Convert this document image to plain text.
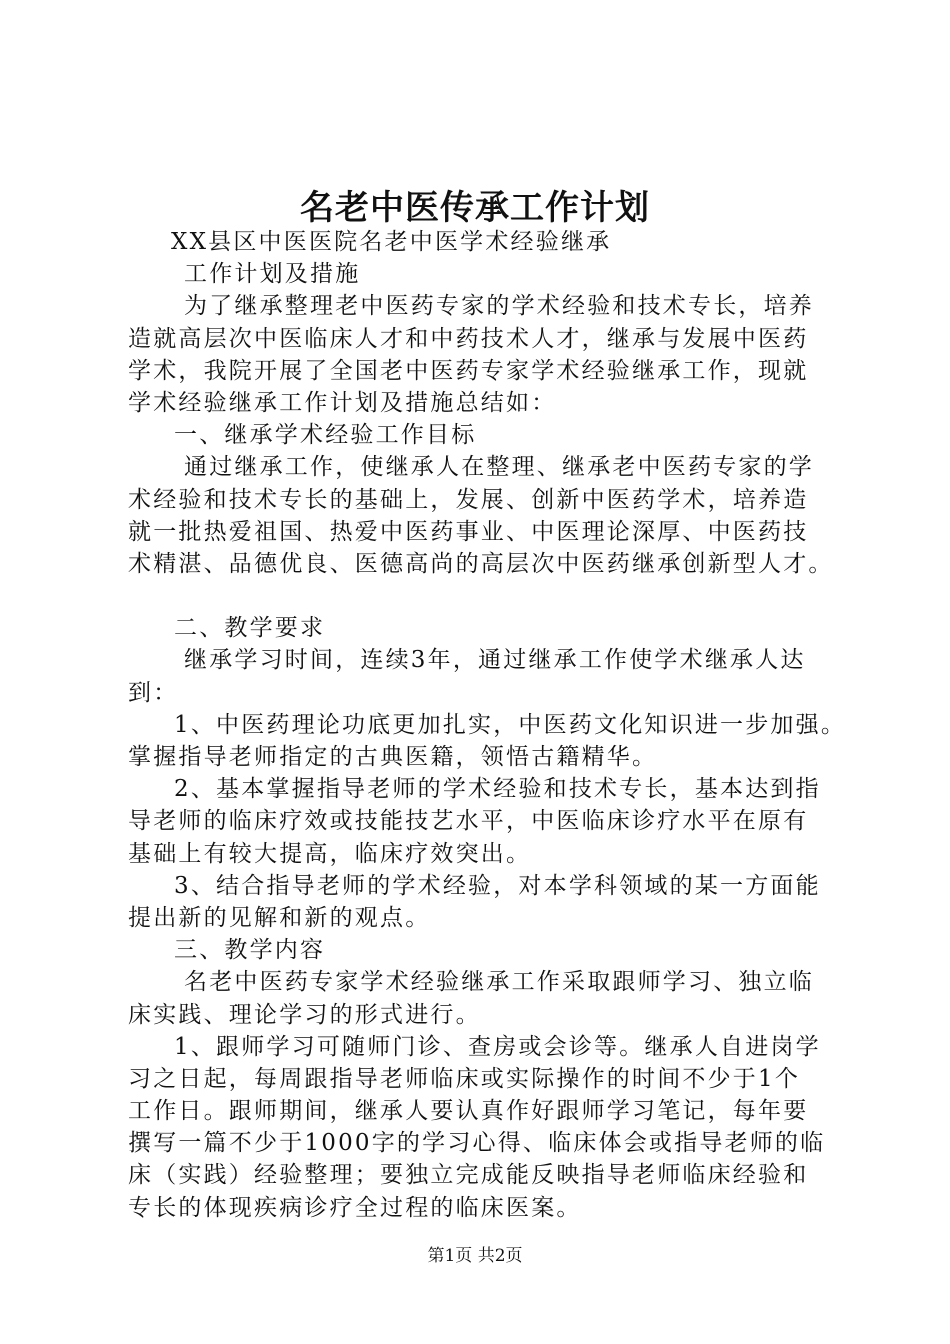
名老中医传承工作计划
XX县区中医医院名老中医学术经验继承
工作计划及措施
为了继承整理老中医药专家的学术经验和技术专长，培养
造就高层次中医临床人才和中药技术人才，继承与发展中医药
学术，我院开展了全国老中医药专家学术经验继承工作，现就
学术经验继承工作计划及措施总结如：
一、继承学术经验工作目标
通过继承工作，使继承人在整理、继承老中医药专家的学
术经验和技术专长的基础上，发展、创新中医药学术，培养造
就一批热爱祖国、热爱中医药事业、中医理论深厚、中医药技
术精湛、品德优良、医德高尚的高层次中医药继承创新型人才。
二、教学要求
继承学习时间，连续3年，通过继承工作使学术继承人达
到：
1、中医药理论功底更加扎实，中医药文化知识进一步加强。
掌握指导老师指定的古典医籍，领悟古籍精华。
2、基本掌握指导老师的学术经验和技术专长，基本达到指
导老师的临床疗效或技能技艺水平，中医临床诊疗水平在原有
基础上有较大提高，临床疗效突出。
3、结合指导老师的学术经验，对本学科领域的某一方面能
提出新的见解和新的观点。
三、教学内容
名老中医药专家学术经验继承工作采取跟师学习、独立临
床实践、理论学习的形式进行。
1、跟师学习可随师门诊、查房或会诊等。继承人自进岗学
习之日起，每周跟指导老师临床或实际操作的时间不少于1个
工作日。跟师期间，继承人要认真作好跟师学习笔记，每年要
撰写一篇不少于1000字的学习心得、临床体会或指导老师的临
床（实践）经验整理；要独立完成能反映指导老师临床经验和
专长的体现疾病诊疗全过程的临床医案。
第1页 共2页
